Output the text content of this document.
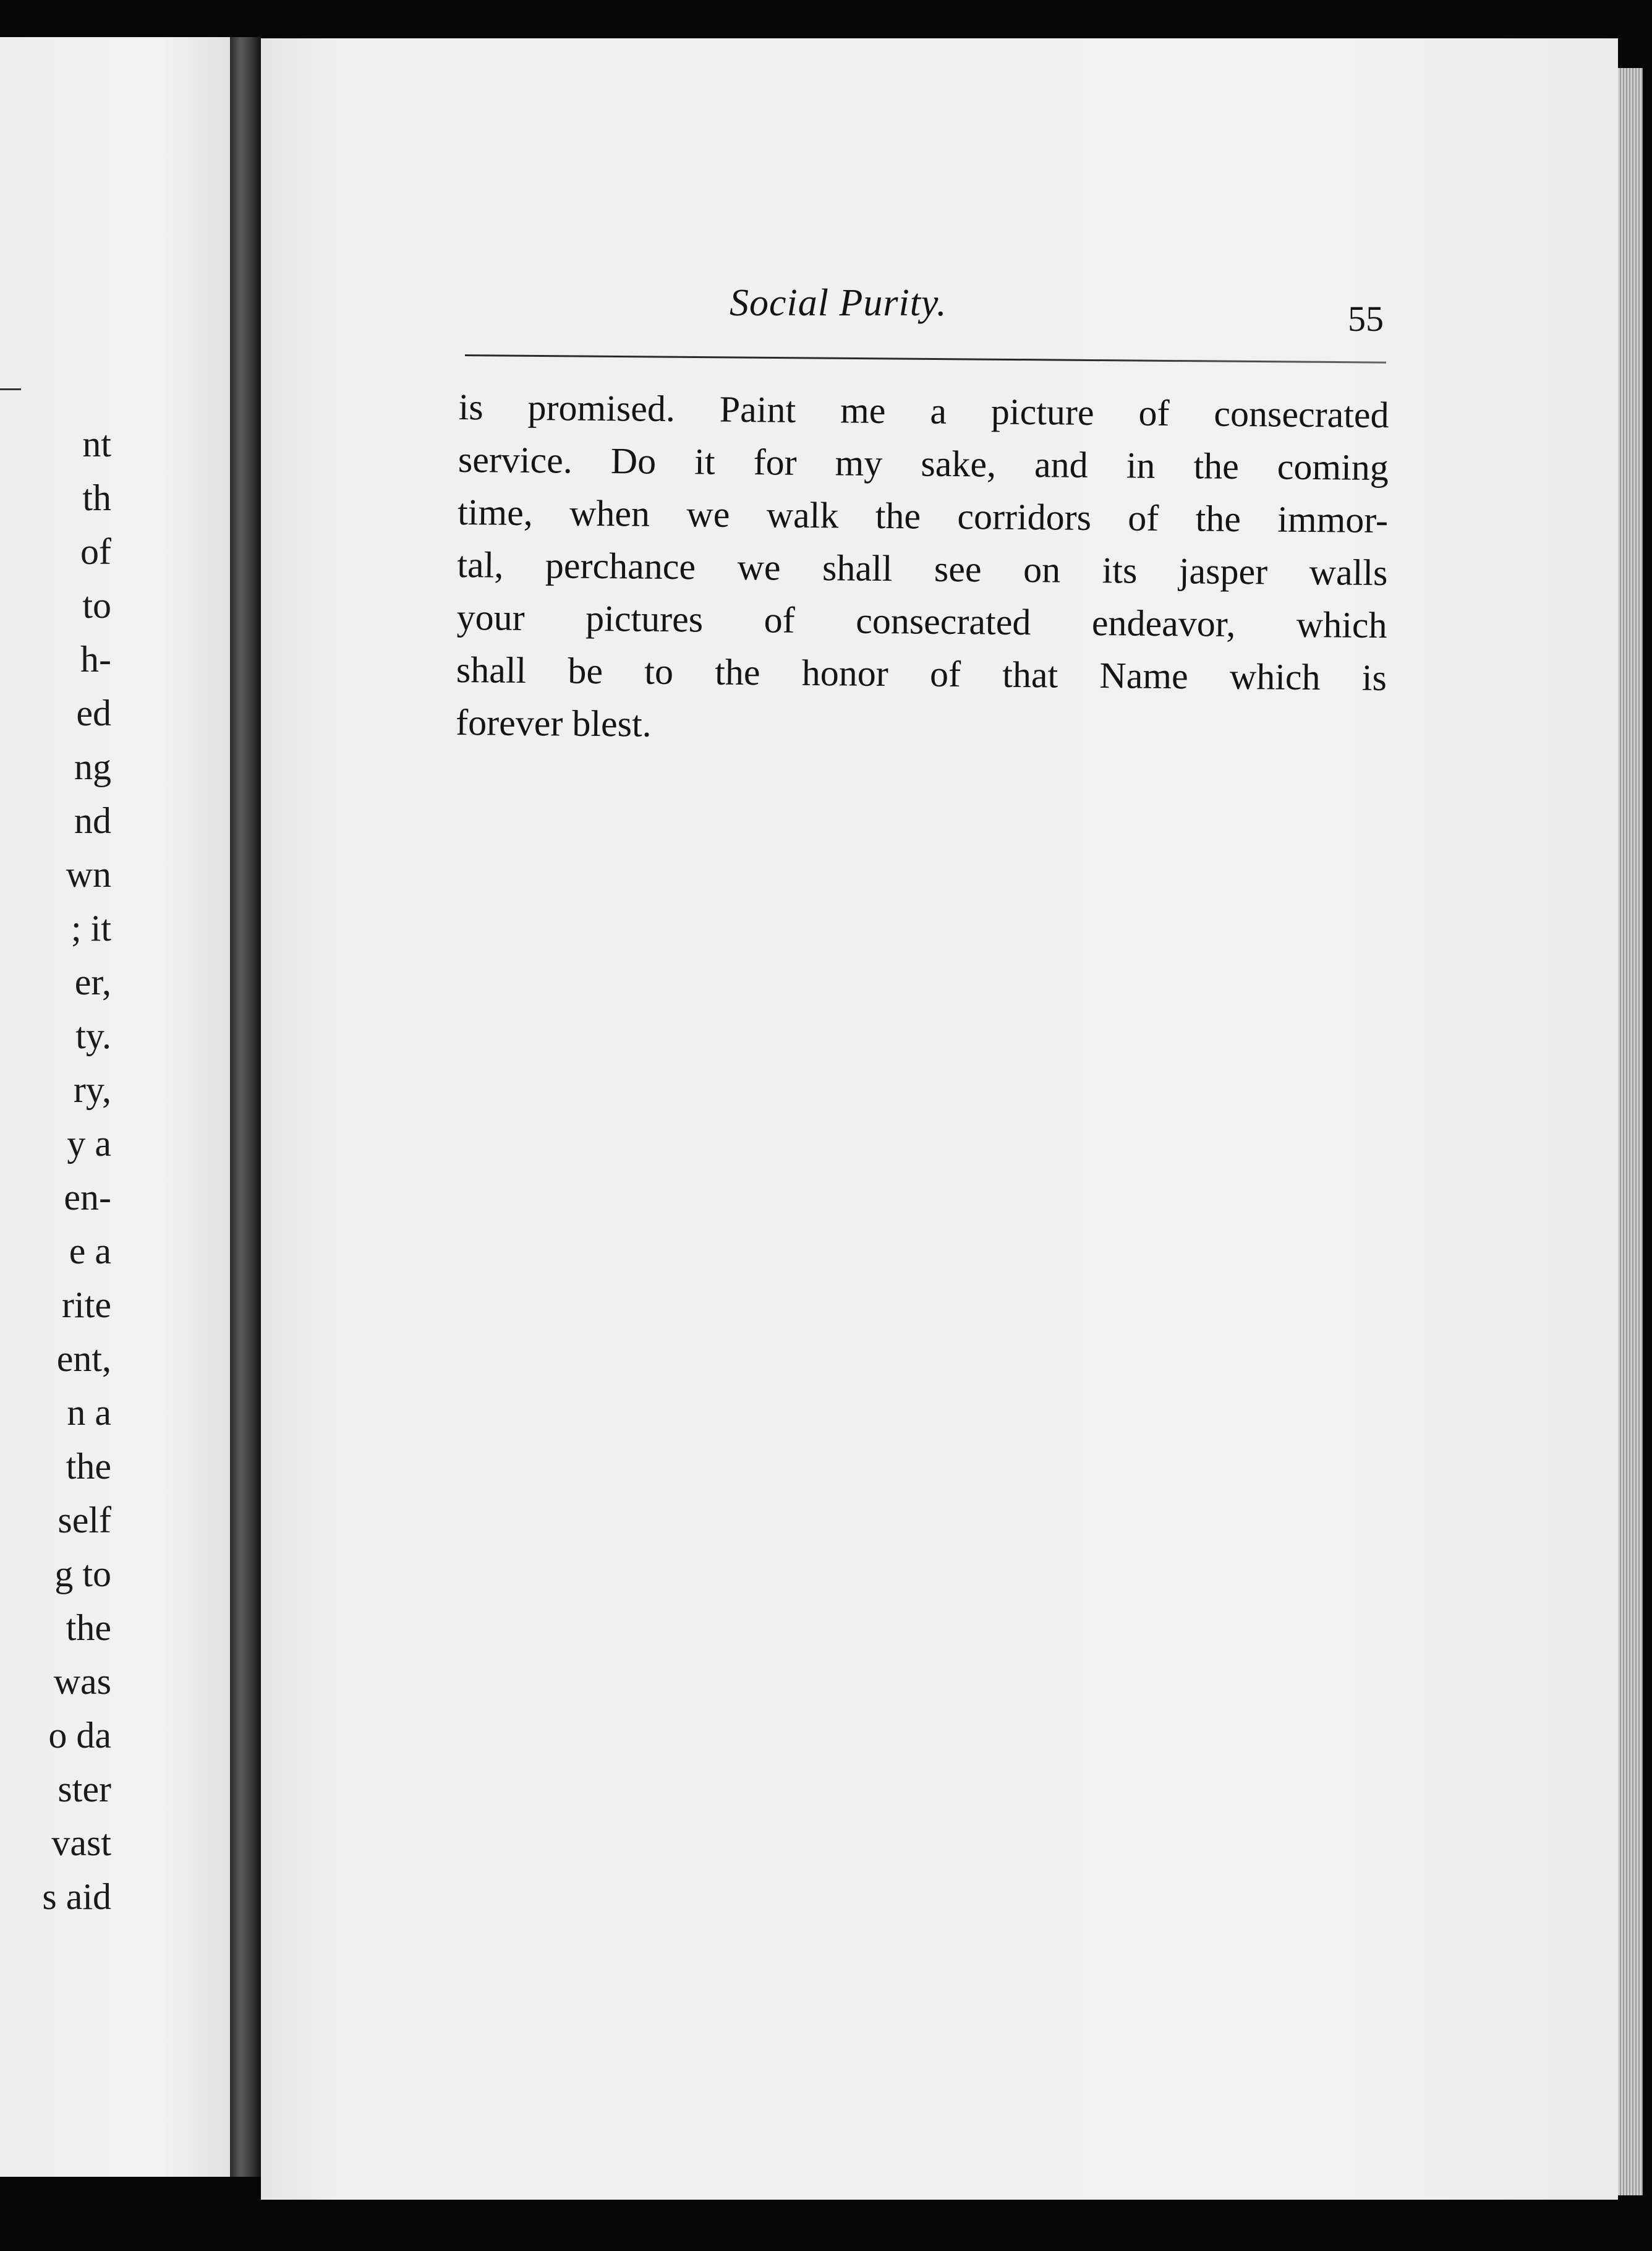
nt
th
of
to
h-
ed
ng
nd
wn
; it
er,
ty.
ry,
y a
en-
e a
rite
ent,
n a
the
self
g to
the
was
o da
ster
vast
s aid
Social Purity.	55
is promised. Paint me a picture of consecrated
service. Do it for my sake, and in the coming
time, when we walk the corridors of the immor-
tal, perchance we shall see on its jasper walls
your pictures of consecrated endeavor, which
shall be to the honor of that Name which is
forever blest.
